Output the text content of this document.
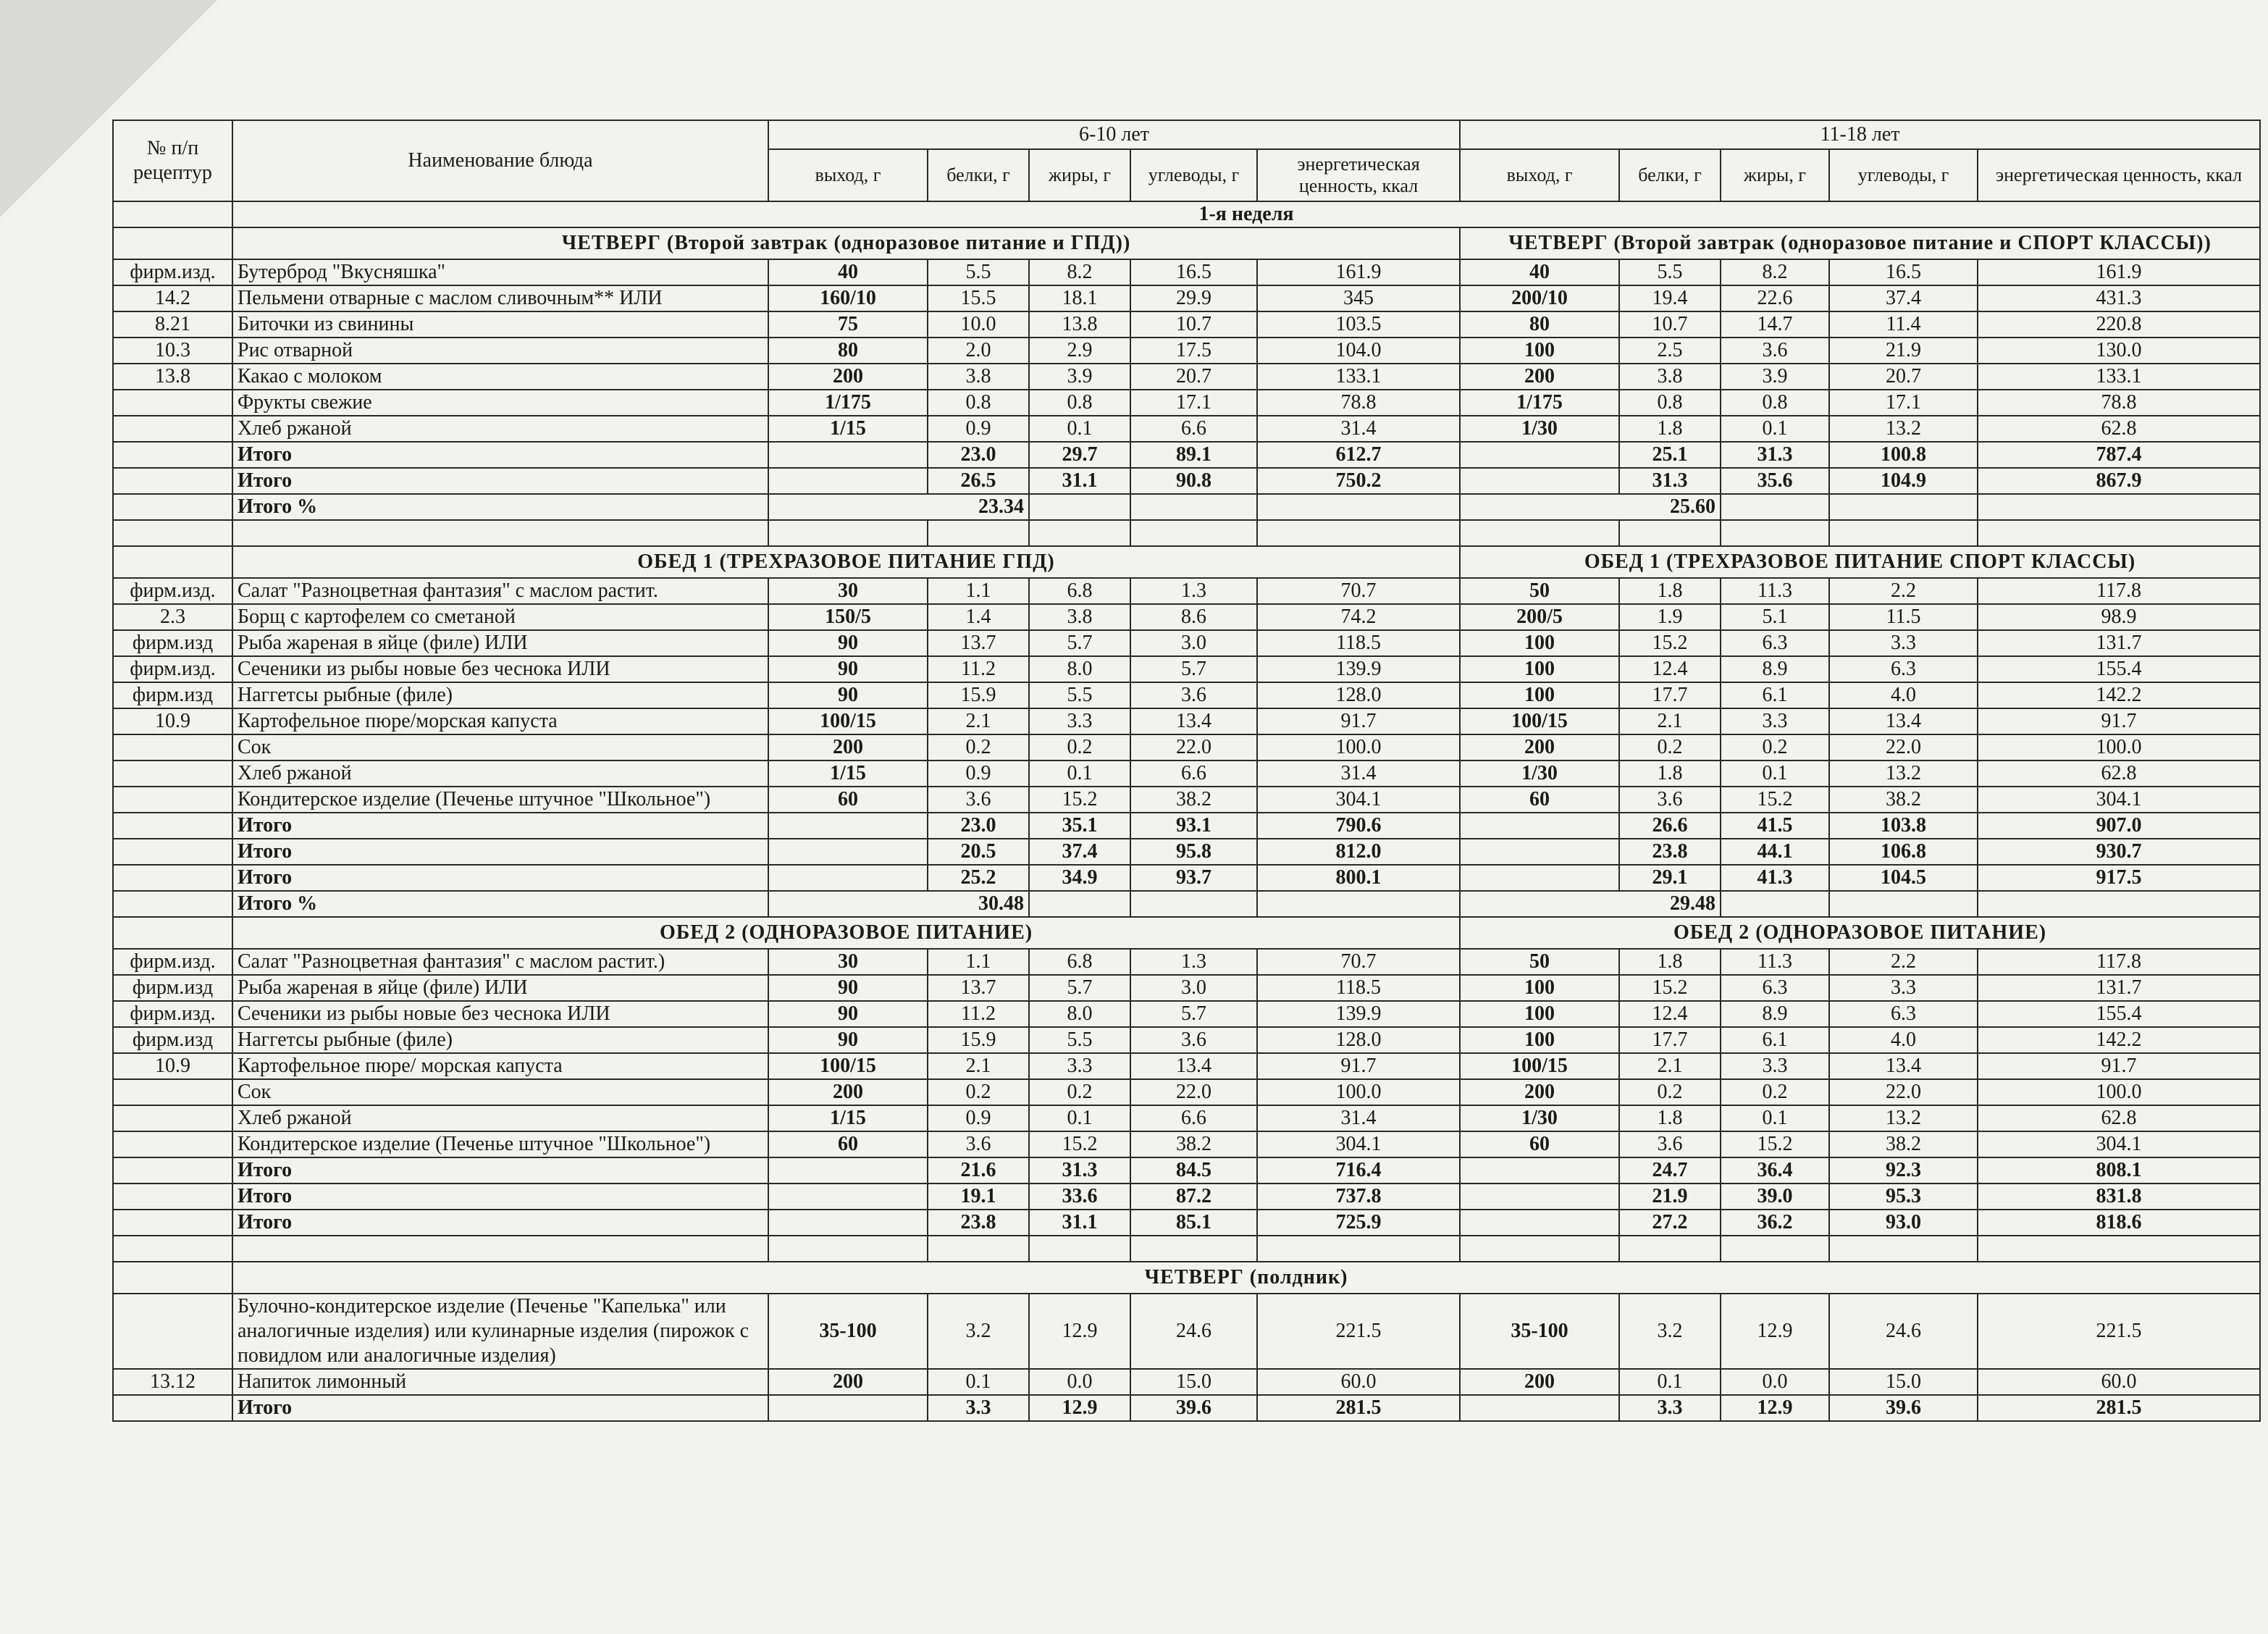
№ п/п рецептур	Наименование блюда	6-10 лет					11-18 лет				
		выход, г	белки, г	жиры, г	углеводы, г	энергетическая ценность, ккал	выход, г	белки, г	жиры, г	углеводы, г	энергетическая ценность, ккал
	1-я неделя										
	ЧЕТВЕРГ (Второй завтрак (одноразовое питание и ГПД))						ЧЕТВЕРГ (Второй завтрак (одноразовое питание и СПОРТ КЛАССЫ))				
фирм.изд.	Бутерброд "Вкусняшка"	40	5.5	8.2	16.5	161.9	40	5.5	8.2	16.5	161.9
14.2	Пельмени отварные с маслом сливочным** ИЛИ	160/10	15.5	18.1	29.9	345	200/10	19.4	22.6	37.4	431.3
8.21	Биточки из свинины	75	10.0	13.8	10.7	103.5	80	10.7	14.7	11.4	220.8
10.3	Рис отварной	80	2.0	2.9	17.5	104.0	100	2.5	3.6	21.9	130.0
13.8	Какао с молоком	200	3.8	3.9	20.7	133.1	200	3.8	3.9	20.7	133.1
	Фрукты свежие	1/175	0.8	0.8	17.1	78.8	1/175	0.8	0.8	17.1	78.8
	Хлеб ржаной	1/15	0.9	0.1	6.6	31.4	1/30	1.8	0.1	13.2	62.8
	Итого		23.0	29.7	89.1	612.7		25.1	31.3	100.8	787.4
	Итого		26.5	31.1	90.8	750.2		31.3	35.6	104.9	867.9
	Итого %	23.34					25.60				

	ОБЕД 1 (ТРЕХРАЗОВОЕ ПИТАНИЕ ГПД)						ОБЕД 1 (ТРЕХРАЗОВОЕ ПИТАНИЕ СПОРТ КЛАССЫ)				
фирм.изд.	Салат "Разноцветная фантазия" с маслом растит.	30	1.1	6.8	1.3	70.7	50	1.8	11.3	2.2	117.8
2.3	Борщ с картофелем со сметаной	150/5	1.4	3.8	8.6	74.2	200/5	1.9	5.1	11.5	98.9
фирм.изд	Рыба жареная в яйце (филе) ИЛИ	90	13.7	5.7	3.0	118.5	100	15.2	6.3	3.3	131.7
фирм.изд.	Сеченики из рыбы новые без чеснока ИЛИ	90	11.2	8.0	5.7	139.9	100	12.4	8.9	6.3	155.4
фирм.изд	Наггетсы рыбные (филе)	90	15.9	5.5	3.6	128.0	100	17.7	6.1	4.0	142.2
10.9	Картофельное пюре/морская капуста	100/15	2.1	3.3	13.4	91.7	100/15	2.1	3.3	13.4	91.7
	Сок	200	0.2	0.2	22.0	100.0	200	0.2	0.2	22.0	100.0
	Хлеб ржаной	1/15	0.9	0.1	6.6	31.4	1/30	1.8	0.1	13.2	62.8
	Кондитерское изделие (Печенье штучное "Школьное")	60	3.6	15.2	38.2	304.1	60	3.6	15.2	38.2	304.1
	Итого		23.0	35.1	93.1	790.6		26.6	41.5	103.8	907.0
	Итого		20.5	37.4	95.8	812.0		23.8	44.1	106.8	930.7
	Итого		25.2	34.9	93.7	800.1		29.1	41.3	104.5	917.5
	Итого %	30.48					29.48				
	ОБЕД 2 (ОДНОРАЗОВОЕ ПИТАНИЕ)						ОБЕД 2 (ОДНОРАЗОВОЕ ПИТАНИЕ)				
фирм.изд.	Салат "Разноцветная фантазия" с маслом растит.)	30	1.1	6.8	1.3	70.7	50	1.8	11.3	2.2	117.8
фирм.изд	Рыба жареная в яйце (филе) ИЛИ	90	13.7	5.7	3.0	118.5	100	15.2	6.3	3.3	131.7
фирм.изд.	Сеченики из рыбы новые без чеснока ИЛИ	90	11.2	8.0	5.7	139.9	100	12.4	8.9	6.3	155.4
фирм.изд	Наггетсы рыбные (филе)	90	15.9	5.5	3.6	128.0	100	17.7	6.1	4.0	142.2
10.9	Картофельное пюре/ морская капуста	100/15	2.1	3.3	13.4	91.7	100/15	2.1	3.3	13.4	91.7
	Сок	200	0.2	0.2	22.0	100.0	200	0.2	0.2	22.0	100.0
	Хлеб ржаной	1/15	0.9	0.1	6.6	31.4	1/30	1.8	0.1	13.2	62.8
	Кондитерское изделие (Печенье штучное "Школьное")	60	3.6	15.2	38.2	304.1	60	3.6	15.2	38.2	304.1
	Итого		21.6	31.3	84.5	716.4		24.7	36.4	92.3	808.1
	Итого		19.1	33.6	87.2	737.8		21.9	39.0	95.3	831.8
	Итого		23.8	31.1	85.1	725.9		27.2	36.2	93.0	818.6

	ЧЕТВЕРГ (полдник)										
	Булочно-кондитерское изделие (Печенье "Капелька" или аналогичные изделия) или кулинарные изделия (пирожок с повидлом или аналогичные изделия)	35-100	3.2	12.9	24.6	221.5	35-100	3.2	12.9	24.6	221.5
13.12	Напиток лимонный	200	0.1	0.0	15.0	60.0	200	0.1	0.0	15.0	60.0
	Итого		3.3	12.9	39.6	281.5		3.3	12.9	39.6	281.5
